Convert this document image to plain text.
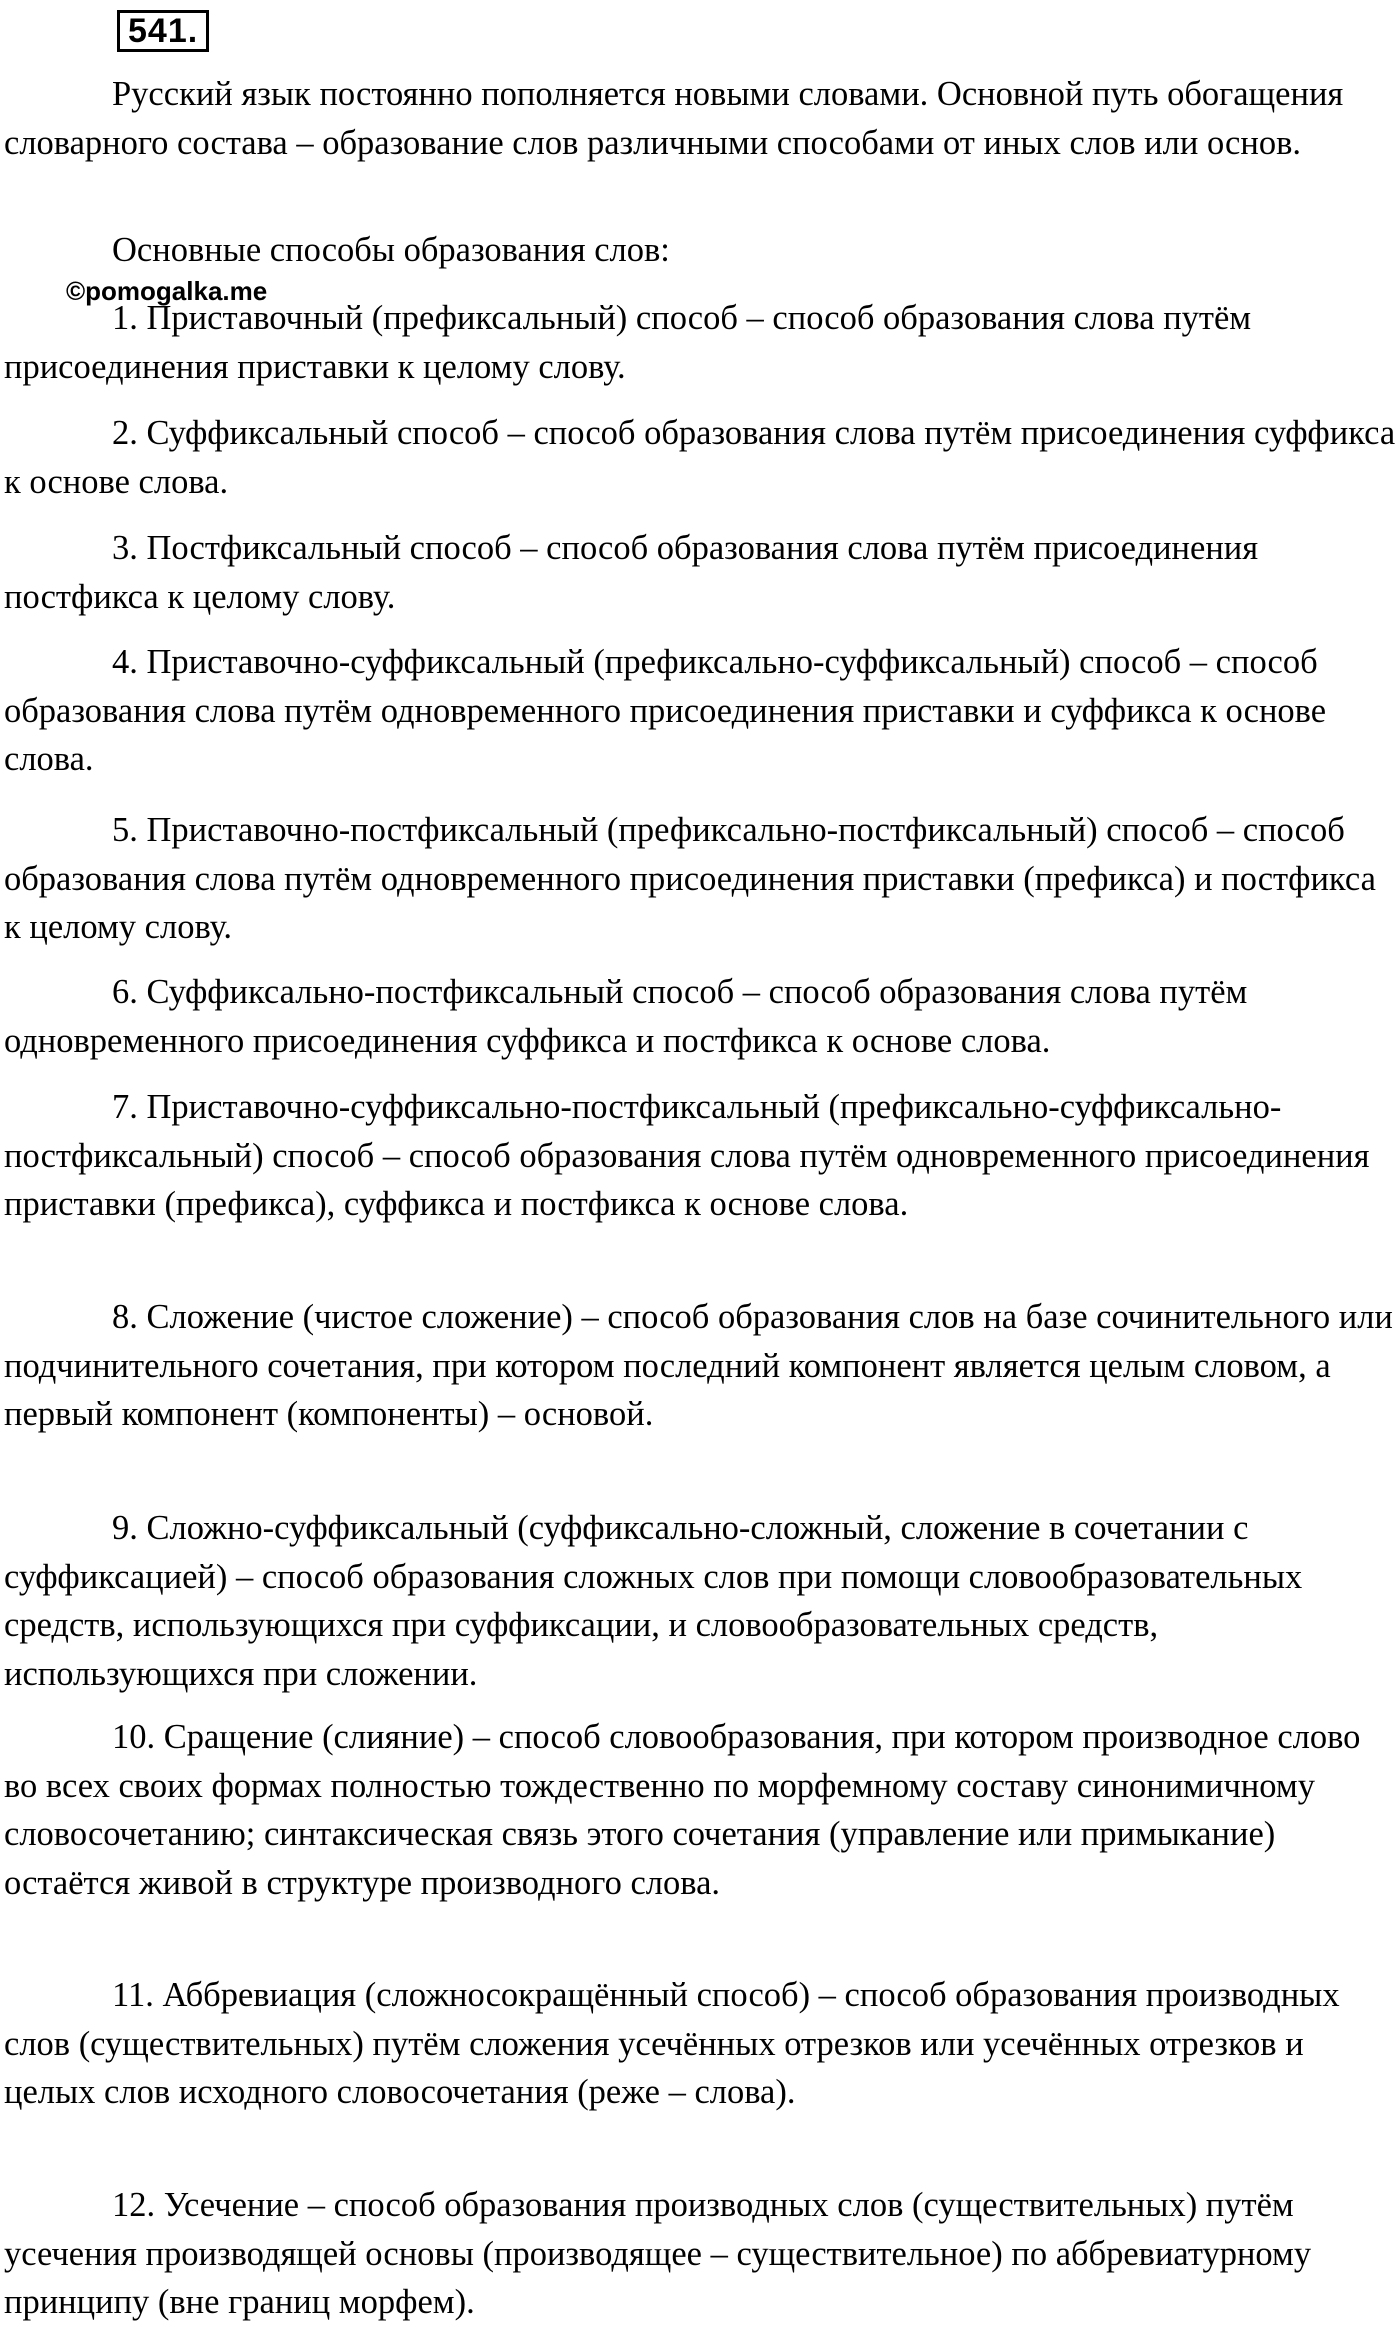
541.

Русский язык постоянно пополняется новыми словами. Основной путь обогащения словарного состава – образование слов различными способами от иных слов или основ.

Основные способы образования слов:

©pomogalka.me

1. Приставочный (префиксальный) способ – способ образования слова путём присоединения приставки к целому слову.

2. Суффиксальный способ – способ образования слова путём присоединения суффикса к основе слова.

3. Постфиксальный способ – способ образования слова путём присоединения постфикса к целому слову.

4. Приставочно-суффиксальный (префиксально-суффиксальный) способ – способ образования слова путём одновременного присоединения приставки и суффикса к основе слова.

5. Приставочно-постфиксальный (префиксально-постфиксальный) способ – способ образования слова путём одновременного присоединения приставки (префикса) и постфикса к целому слову.

6. Суффиксально-постфиксальный способ – способ образования слова путём одновременного присоединения суффикса и постфикса к основе слова.

7. Приставочно-суффиксально-постфиксальный (префиксально-суффиксально-постфиксальный) способ – способ образования слова путём одновременного присоединения приставки (префикса), суффикса и постфикса к основе слова.

8. Сложение (чистое сложение) – способ образования слов на базе сочинительного или подчинительного сочетания, при котором последний компонент является целым словом, а первый компонент (компоненты) – основой.

9. Сложно-суффиксальный (суффиксально-сложный, сложение в сочетании с суффиксацией) – способ образования сложных слов при помощи словообразовательных средств, использующихся при суффиксации, и словообразовательных средств, использующихся при сложении.

10. Сращение (слияние) – способ словообразования, при котором производное слово во всех своих формах полностью тождественно по морфемному составу синонимичному словосочетанию; синтаксическая связь этого сочетания (управление или примыкание) остаётся живой в структуре производного слова.

11. Аббревиация (сложносокращённый способ) – способ образования производных слов (существительных) путём сложения усечённых отрезков или усечённых отрезков и целых слов исходного словосочетания (реже – слова).

12. Усечение – способ образования производных слов (существительных) путём усечения производящей основы (производящее – существительное) по аббревиатурному принципу (вне границ морфем).
